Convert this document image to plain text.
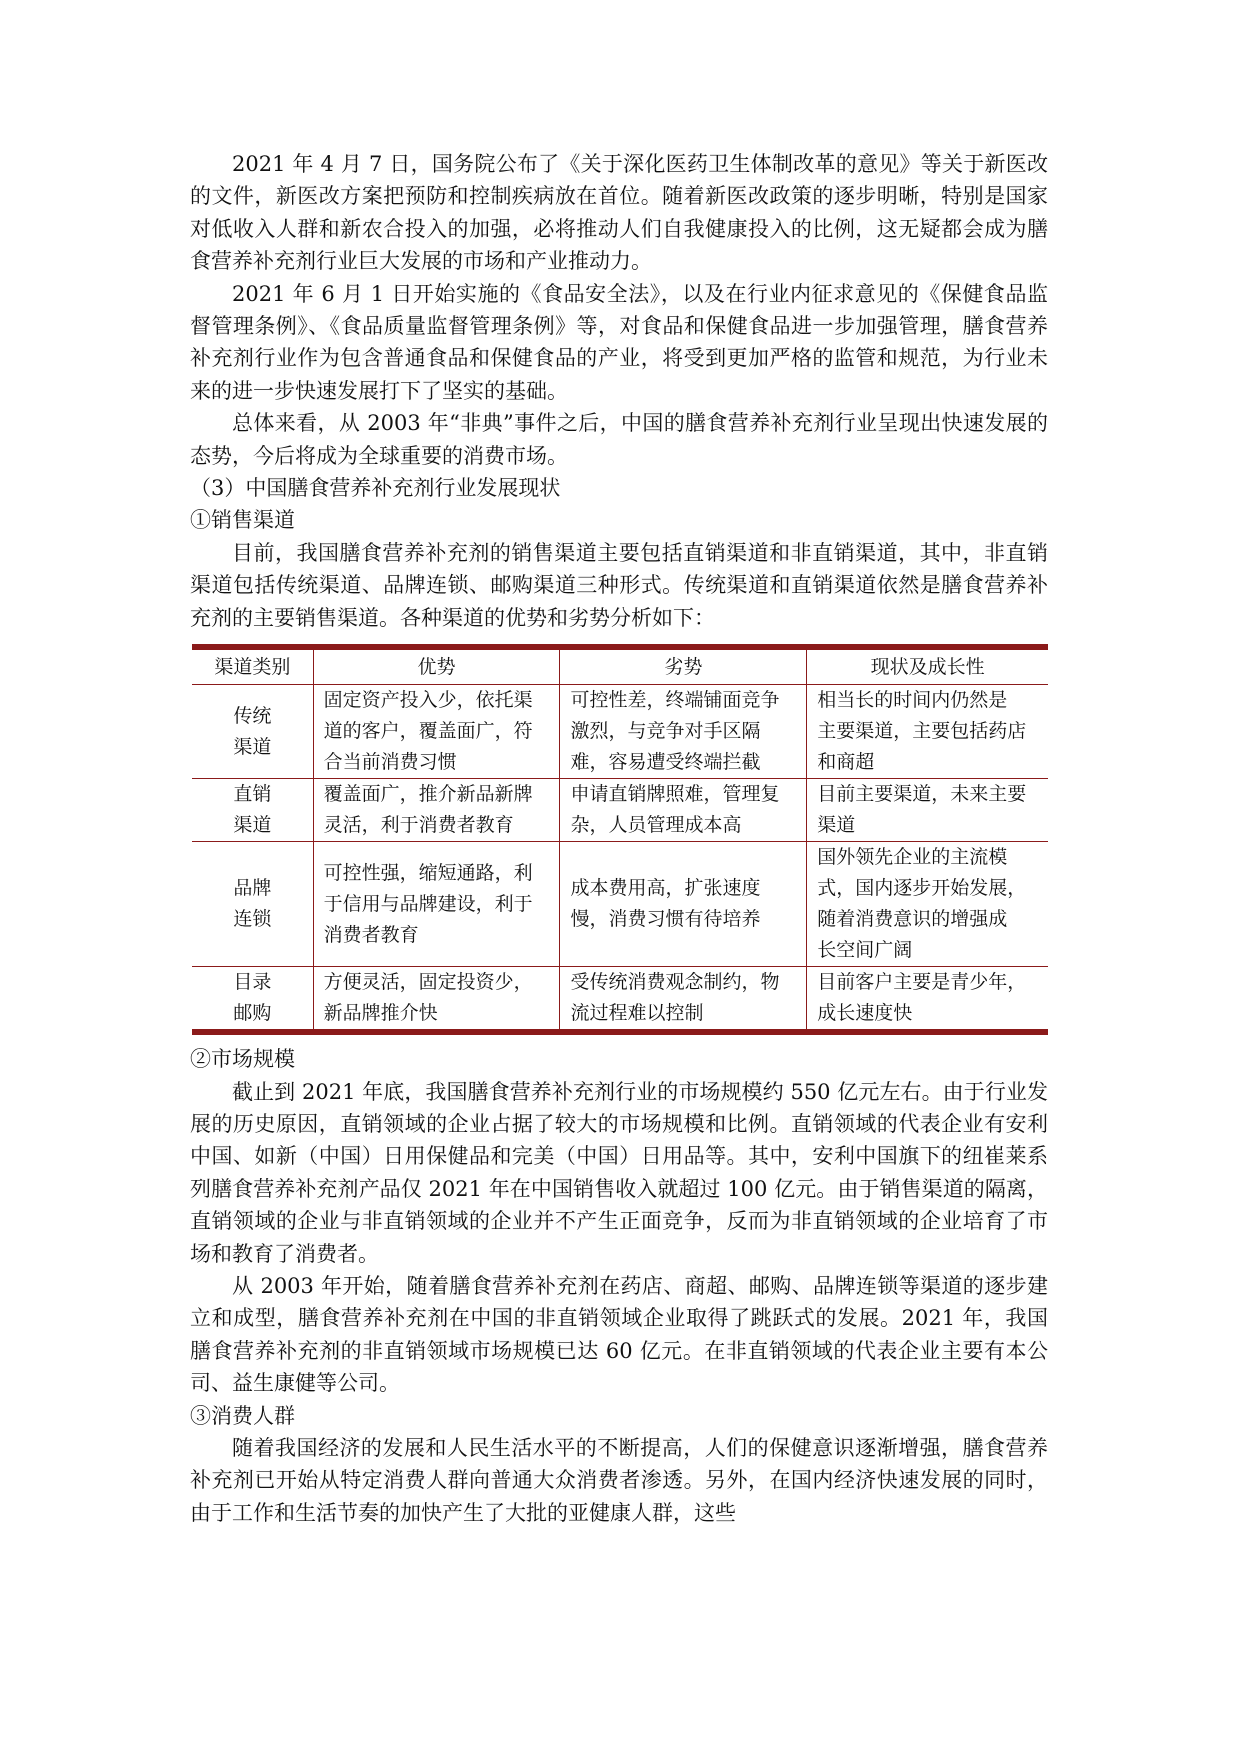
2021 年 4 月 7 日，国务院公布了《关于深化医药卫生体制改革的意见》等关于新医改的文件，新医改方案把预防和控制疾病放在首位。随着新医改政策的逐步明晰，特别是国家对低收入人群和新农合投入的加强，必将推动人们自我健康投入的比例，这无疑都会成为膳食营养补充剂行业巨大发展的市场和产业推动力。

2021 年 6 月 1 日开始实施的《食品安全法》，以及在行业内征求意见的《保健食品监督管理条例》、《食品质量监督管理条例》等，对食品和保健食品进一步加强管理，膳食营养补充剂行业作为包含普通食品和保健食品的产业，将受到更加严格的监管和规范，为行业未来的进一步快速发展打下了坚实的基础。

总体来看，从 2003 年“非典”事件之后，中国的膳食营养补充剂行业呈现出快速发展的态势，今后将成为全球重要的消费市场。

（3）中国膳食营养补充剂行业发展现状

①销售渠道

目前，我国膳食营养补充剂的销售渠道主要包括直销渠道和非直销渠道，其中，非直销渠道包括传统渠道、品牌连锁、邮购渠道三种形式。传统渠道和直销渠道依然是膳食营养补充剂的主要销售渠道。各种渠道的优势和劣势分析如下：

渠道类别	优势	劣势	现状及成长性

传统
渠道	固定资产投入少，依托渠
道的客户，覆盖面广，符
合当前消费习惯	可控性差，终端铺面竞争
激烈，与竞争对手区隔
难，容易遭受终端拦截	相当长的时间内仍然是
主要渠道，主要包括药店
和商超

直销
渠道	覆盖面广，推介新品新牌
灵活，利于消费者教育	申请直销牌照难，管理复
杂，人员管理成本高	目前主要渠道，未来主要
渠道

品牌
连锁	可控性强，缩短通路，利
于信用与品牌建设，利于
消费者教育	成本费用高，扩张速度
慢，消费习惯有待培养	国外领先企业的主流模
式，国内逐步开始发展，
随着消费意识的增强成
长空间广阔

目录
邮购	方便灵活，固定投资少，
新品牌推介快	受传统消费观念制约，物
流过程难以控制	目前客户主要是青少年，
成长速度快

②市场规模

截止到 2021 年底，我国膳食营养补充剂行业的市场规模约 550 亿元左右。由于行业发展的历史原因，直销领域的企业占据了较大的市场规模和比例。直销领域的代表企业有安利中国、如新（中国）日用保健品和完美（中国）日用品等。其中，安利中国旗下的纽崔莱系列膳食营养补充剂产品仅 2021 年在中国销售收入就超过 100 亿元。由于销售渠道的隔离，直销领域的企业与非直销领域的企业并不产生正面竞争，反而为非直销领域的企业培育了市场和教育了消费者。

从 2003 年开始，随着膳食营养补充剂在药店、商超、邮购、品牌连锁等渠道的逐步建立和成型，膳食营养补充剂在中国的非直销领域企业取得了跳跃式的发展。2021 年，我国膳食营养补充剂的非直销领域市场规模已达 60 亿元。在非直销领域的代表企业主要有本公司、益生康健等公司。

③消费人群

随着我国经济的发展和人民生活水平的不断提高，人们的保健意识逐渐增强，膳食营养补充剂已开始从特定消费人群向普通大众消费者渗透。另外，在国内经济快速发展的同时，由于工作和生活节奏的加快产生了大批的亚健康人群，这些
